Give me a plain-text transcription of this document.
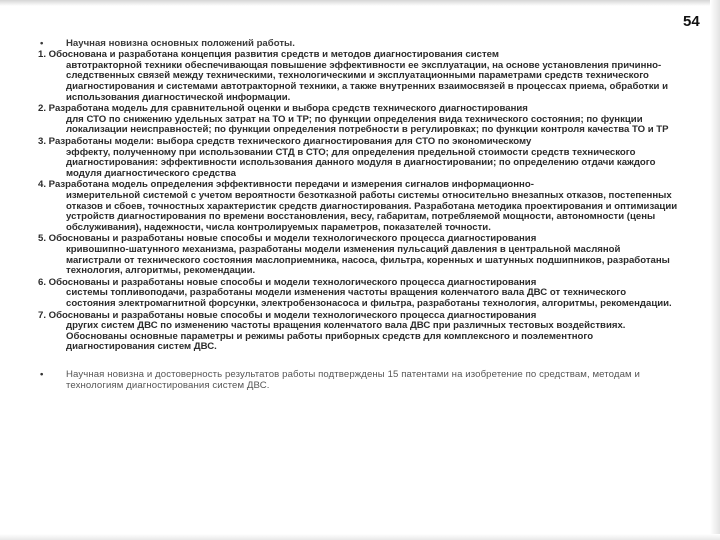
54
• Научная новизна основных положений работы.
1. Обоснована и разработана концепция развития средств и методов диагностирования систем
автотракторной техники обеспечивающая повышение эффективности ее эксплуатации, на основе установления причинно-следственных связей между техническими, технологическими и эксплуатационными параметрами средств технического диагностирования и системами автотракторной техники, а также внутренних взаимосвязей в процессах приема, обработки и использования диагностической информации.
2. Разработана модель для сравнительной оценки и выбора средств технического диагностирования
для СТО по снижению удельных затрат на ТО и ТР; по функции определения вида технического состояния; по функции локализации неисправностей; по функции определения потребности в регулировках; по функции контроля качества ТО и ТР
3. Разработаны модели: выбора средств технического диагностирования для СТО по экономическому
эффекту, полученному при использовании СТД в СТО; для определения предельной стоимости средств технического диагностирования: эффективности использования данного модуля в диагностировании; по определению отдачи каждого модуля диагностического средства
4. Разработана модель определения эффективности передачи и измерения сигналов информационно-
измерительной системой с учетом вероятности безотказной работы системы относительно внезапных отказов, постепенных отказов и сбоев, точностных характеристик средств диагностирования. Разработана методика проектирования и оптимизации устройств диагностирования по времени восстановления, весу, габаритам, потребляемой мощности, автономности (цены обслуживания), надежности, числа контролируемых параметров, показателей точности.
5. Обоснованы и разработаны новые способы и модели технологического процесса диагностирования
кривошипно-шатунного механизма, разработаны модели изменения пульсаций давления в центральной масляной магистрали от технического состояния маслоприемника, насоса, фильтра, коренных и шатунных подшипников, разработаны технология, алгоритмы, рекомендации.
6. Обоснованы и разработаны новые способы и модели технологического процесса диагностирования
системы топливоподачи, разработаны модели изменения частоты вращения коленчатого вала ДВС от технического состояния электромагнитной форсунки, электробензонасоса и фильтра, разработаны технология, алгоритмы, рекомендации.
7. Обоснованы и разработаны новые способы и модели технологического процесса диагностирования
других систем ДВС по изменению частоты вращения коленчатого вала ДВС при различных тестовых воздействиях. Обоснованы основные параметры и режимы работы приборных средств для комплексного и поэлементного диагностирования систем ДВС.
• Научная новизна и достоверность результатов работы подтверждены 15 патентами на изобретение по средствам, методам и технологиям диагностирования систем ДВС.
